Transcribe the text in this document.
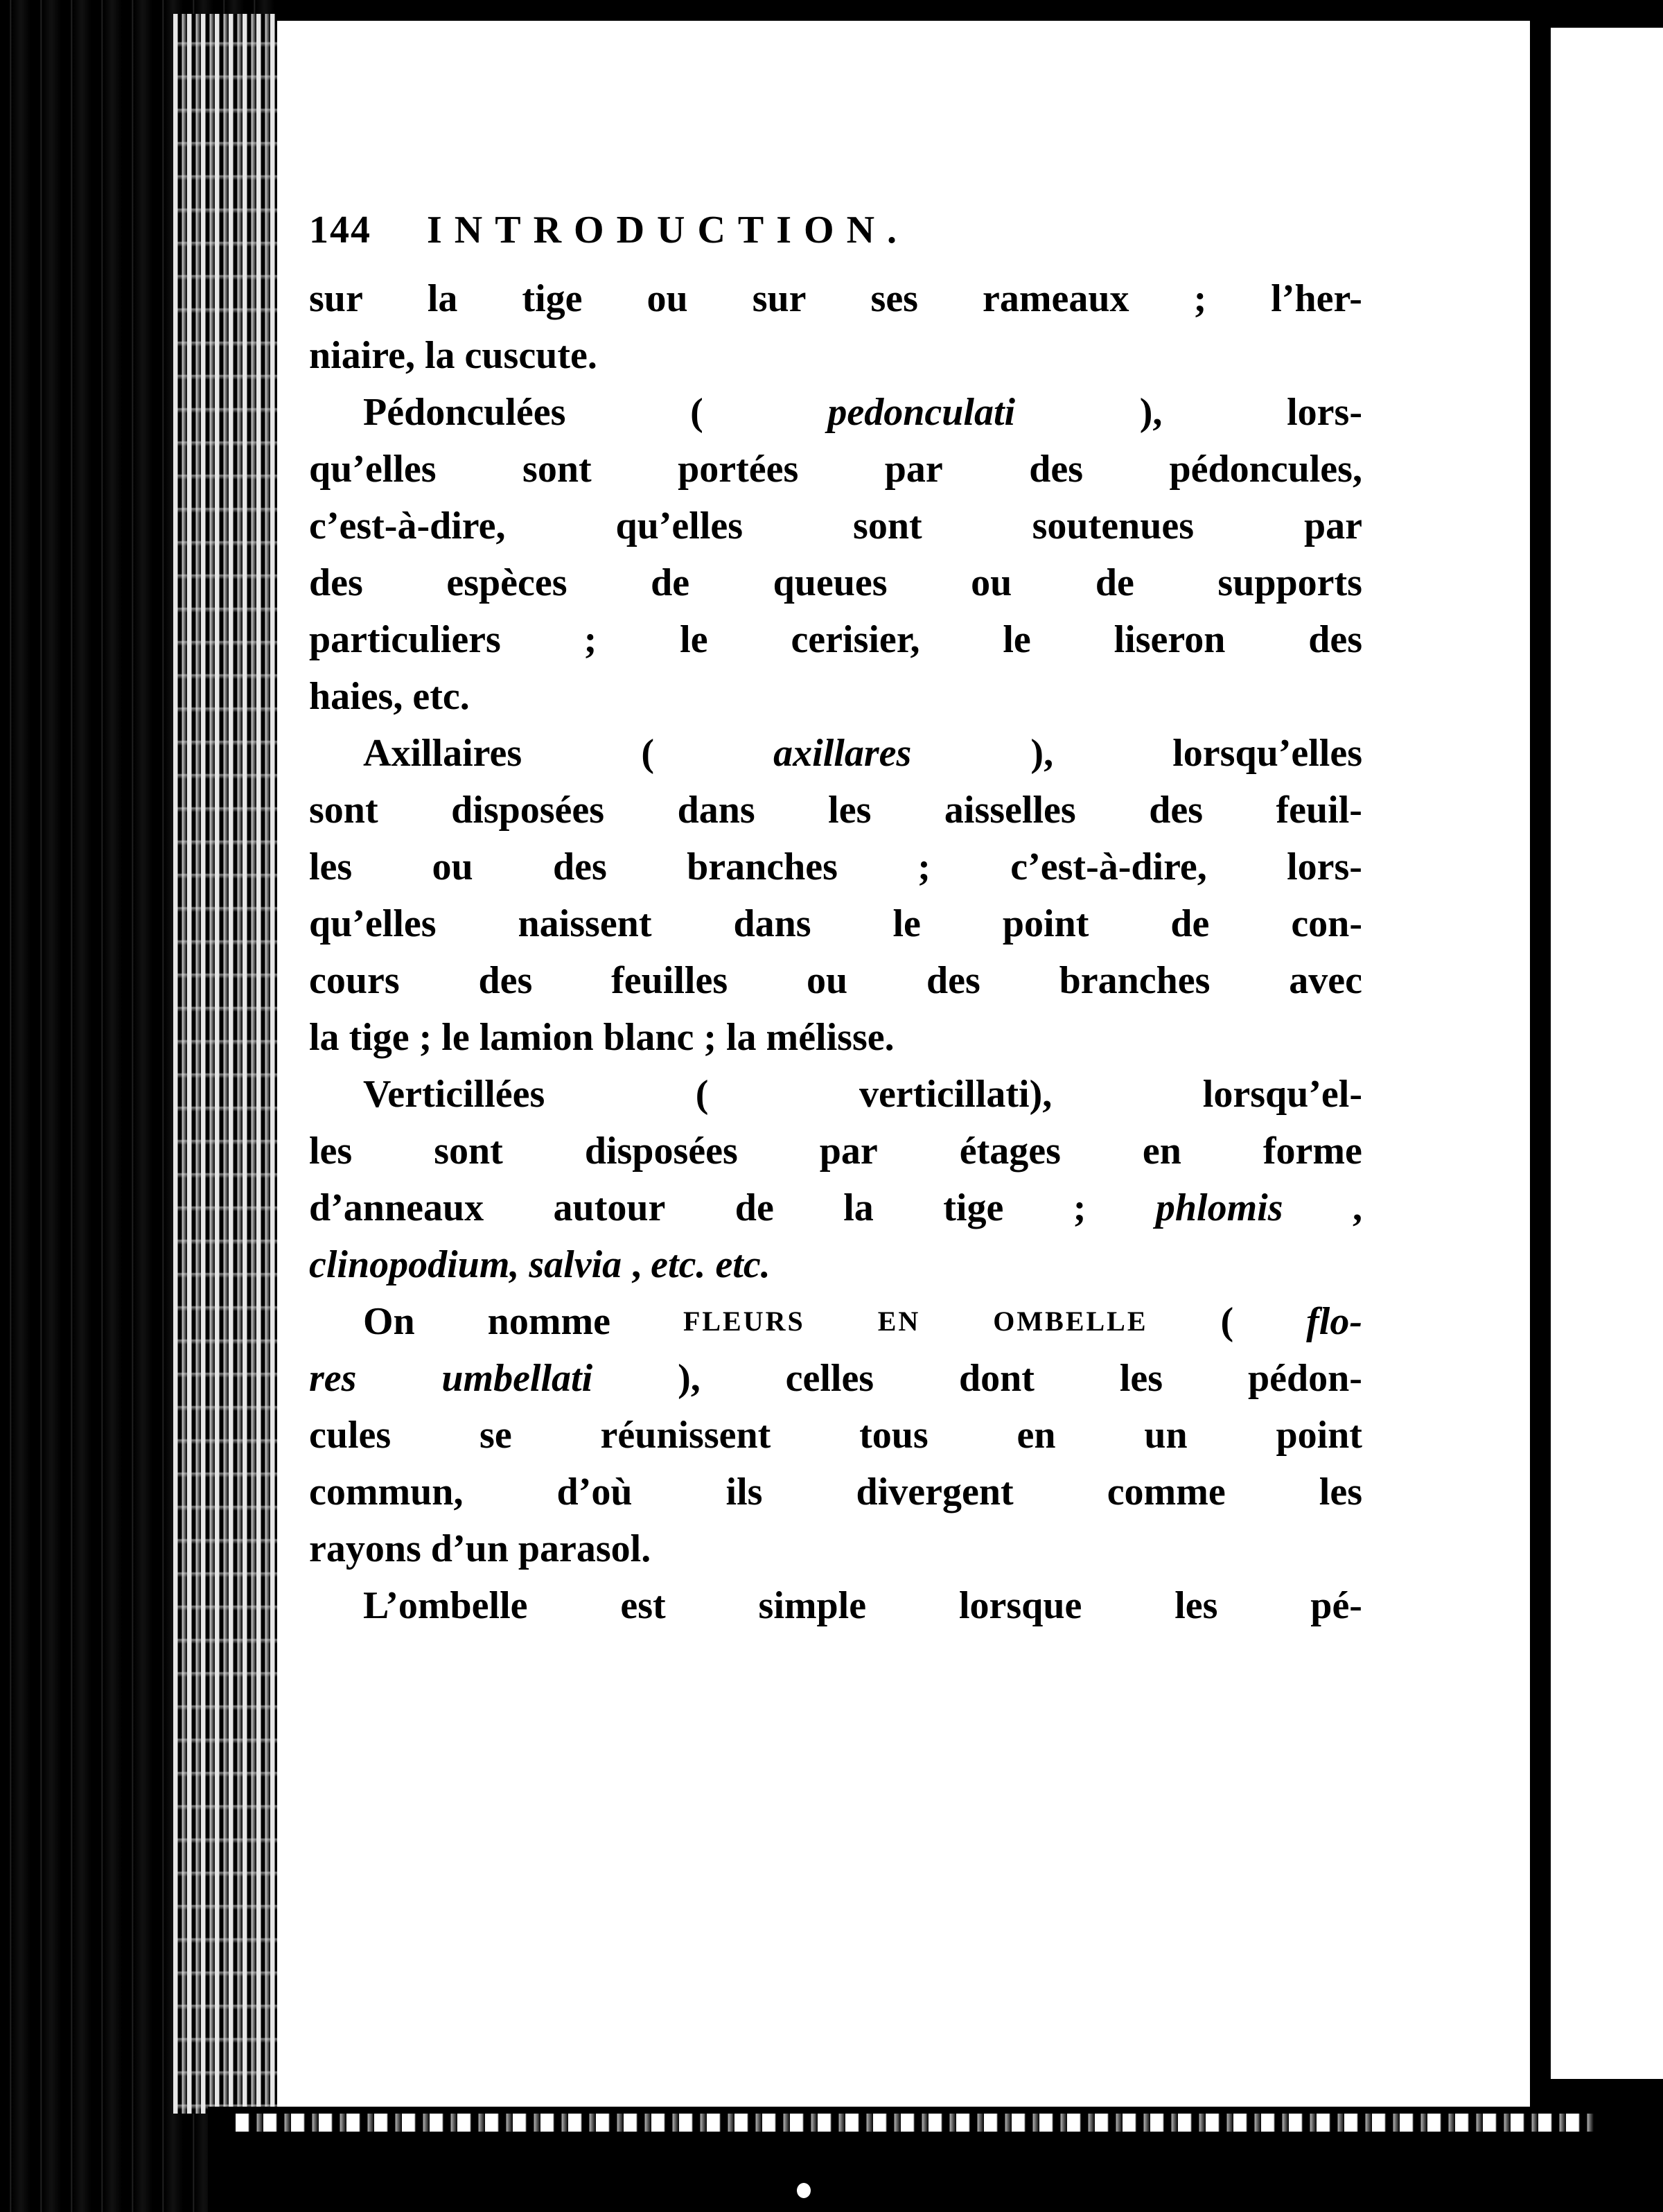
144	INTRODUCTION.
sur la tige ou sur ses rameaux ; l’her-
niaire,
la
cuscute.

Pédonculées	(	pedonculati	),	lors-
qu’elles sont portées par des pédoncules,
c’est-à-dire,	qu’elles	sont	soutenues	par
des espèces de queues ou de supports
particuliers ; le cerisier, le liseron des
haies,
etc.

Axillaires	(	axillares	),	lorsqu’elles
sont disposées dans les aisselles des feuil-
les ou des branches ; c’est-à-dire, lors-
qu’elles naissent dans le point de con-
cours des feuilles ou des branches avec
la
tige
;
le
lamion
blanc
;
la
mélisse.

Verticillées	(	verticillati),	lorsqu’el-
les sont disposées par étages en forme
d’anneaux autour de la tige ; phlomis ,
clinopodium,
salvia
,
etc.
etc.

On nomme	FLEURS	EN	OMBELLE ( flo-
res umbellati ), celles dont les pédon-
cules se réunissent tous en un point
commun, d’où ils divergent comme les
rayons
d’un
parasol.

L’ombelle est simple lorsque les pé-
